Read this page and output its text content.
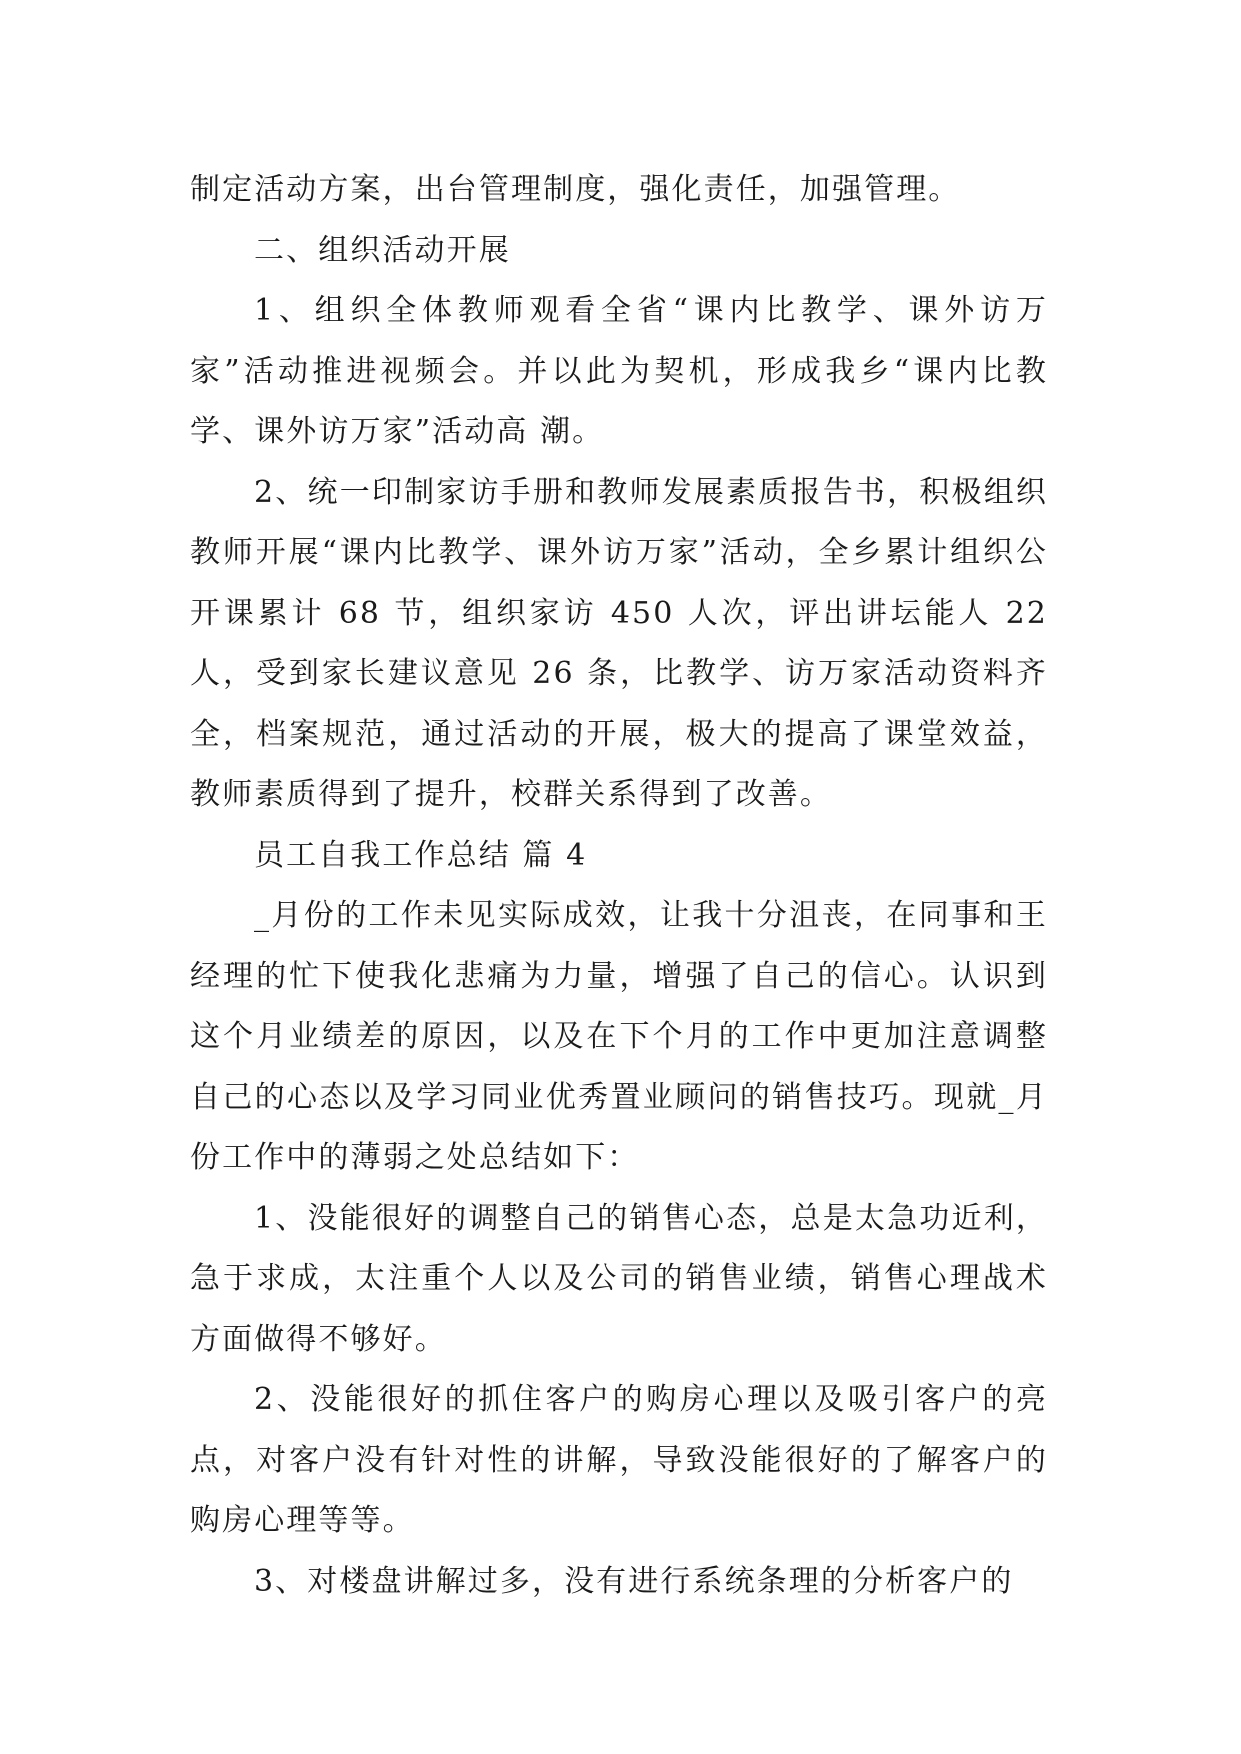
制定活动方案，出台管理制度，强化责任，加强管理。

二、组织活动开展

1、组织全体教师观看全省“课内比教学、课外访万家”活动推进视频会。并以此为契机，形成我乡“课内比教学、课外访万家”活动高 潮。

2、统一印制家访手册和教师发展素质报告书，积极组织教师开展“课内比教学、课外访万家”活动，全乡累计组织公开课累计 68 节，组织家访 450 人次，评出讲坛能人 22 人，受到家长建议意见 26 条，比教学、访万家活动资料齐全，档案规范，通过活动的开展，极大的提高了课堂效益，教师素质得到了提升，校群关系得到了改善。

员工自我工作总结 篇 4

_月份的工作未见实际成效，让我十分沮丧，在同事和王经理的忙下使我化悲痛为力量，增强了自己的信心。认识到这个月业绩差的原因，以及在下个月的工作中更加注意调整自己的心态以及学习同业优秀置业顾问的销售技巧。现就_月份工作中的薄弱之处总结如下：

1、没能很好的调整自己的销售心态，总是太急功近利，急于求成，太注重个人以及公司的销售业绩，销售心理战术方面做得不够好。

2、没能很好的抓住客户的购房心理以及吸引客户的亮点，对客户没有针对性的讲解，导致没能很好的了解客户的购房心理等等。

3、对楼盘讲解过多，没有进行系统条理的分析客户的
